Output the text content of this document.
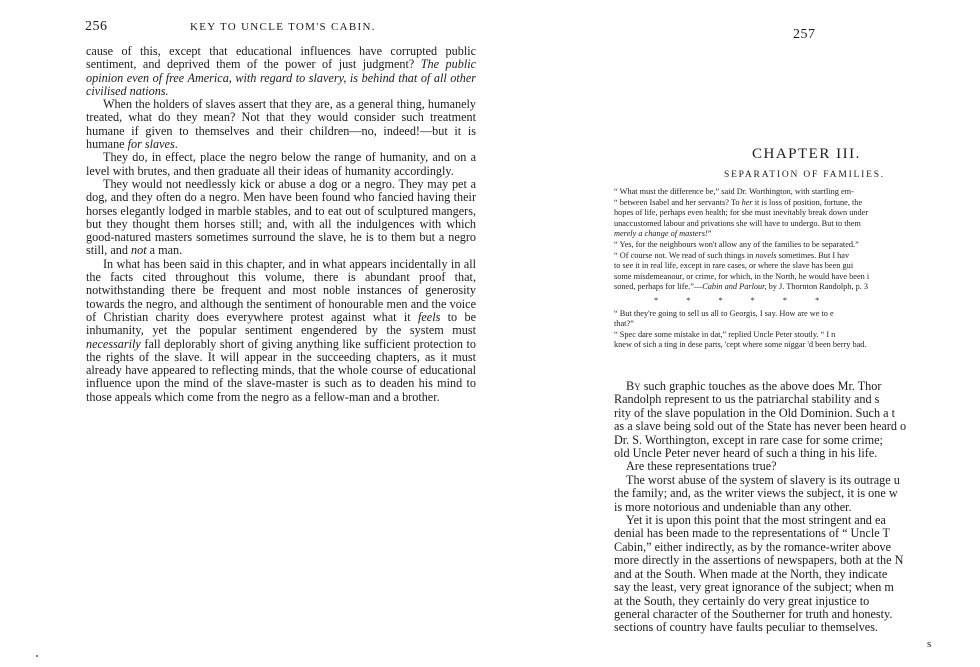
256	KEY TO UNCLE TOM'S CABIN.

cause of this, except that educational influences have corrupted public sentiment, and deprived them of the power of just judgment? The public opinion even of free America, with regard to slavery, is behind that of all other civilised nations.

When the holders of slaves assert that they are, as a general thing, humanely treated, what do they mean? Not that they would consider such treatment humane if given to themselves and their children—no, indeed!—but it is humane for slaves.

They do, in effect, place the negro below the range of humanity, and on a level with brutes, and then graduate all their ideas of humanity accordingly.

They would not needlessly kick or abuse a dog or a negro. They may pet a dog, and they often do a negro. Men have been found who fancied having their horses elegantly lodged in marble stables, and to eat out of sculptured mangers, but they thought them horses still; and, with all the indulgences with which good-natured masters sometimes surround the slave, he is to them but a negro still, and not a man.

In what has been said in this chapter, and in what appears incidentally in all the facts cited throughout this volume, there is abundant proof that, notwithstanding there be frequent and most noble instances of generosity towards the negro, and although the sentiment of honourable men and the voice of Christian charity does everywhere protest against what it feels to be inhumanity, yet the popular sentiment engendered by the system must necessarily fall deplorably short of giving anything like sufficient protection to the rights of the slave. It will appear in the succeeding chapters, as it must already have appeared to reflecting minds, that the whole course of educational influence upon the mind of the slave-master is such as to deaden his mind to those appeals which come from the negro as a fellow-man and a brother.

257
CHAPTER III.
SEPARATION OF FAMILIES.

“ What must the difference be,” said Dr. Worthington, with startling em-

“ between Isabel and her servants? To her it is loss of position, fortune, the

hopes of life, perhaps even health; for she must inevitably break down under

unaccustomed labour and privations she will have to undergo. But to them

merely a change of masters!”

“ Yes, for the neighbours won't allow any of the families to be separated.”

“ Of course not. We read of such things in novels sometimes. But I hav

to see it in real life, except in rare cases, or where the slave has been gui

some misdemeanour, or crime, for which, in the North, he would have been i

soned, perhaps for life.”—Cabin and Parlour, by J. Thornton Randolph, p. 3

* * * * * *

“ But they're going to sell us all to Georgis, I say. How are we to e

that?”

“ Spec dare some mistake in dat,” replied Uncle Peter stoutly. “ I n

knew of sich a ting in dese parts, 'cept where some niggar 'd been berry bad.

By such graphic touches as the above does Mr. Thor

Randolph represent to us the patriarchal stability and s

rity of the slave population in the Old Dominion. Such a t

as a slave being sold out of the State has never been heard o

Dr. S. Worthington, except in rare case for some crime;

old Uncle Peter never heard of such a thing in his life.

Are these representations true?

The worst abuse of the system of slavery is its outrage u

the family; and, as the writer views the subject, it is one w

is more notorious and undeniable than any other.

Yet it is upon this point that the most stringent and ea

denial has been made to the representations of “ Uncle T

Cabin,” either indirectly, as by the romance-writer above

more directly in the assertions of newspapers, both at the N

and at the South. When made at the North, they indicate

say the least, very great ignorance of the subject; when m

at the South, they certainly do very great injustice to

general character of the Southerner for truth and honesty.

sections of country have faults peculiar to themselves.

s
